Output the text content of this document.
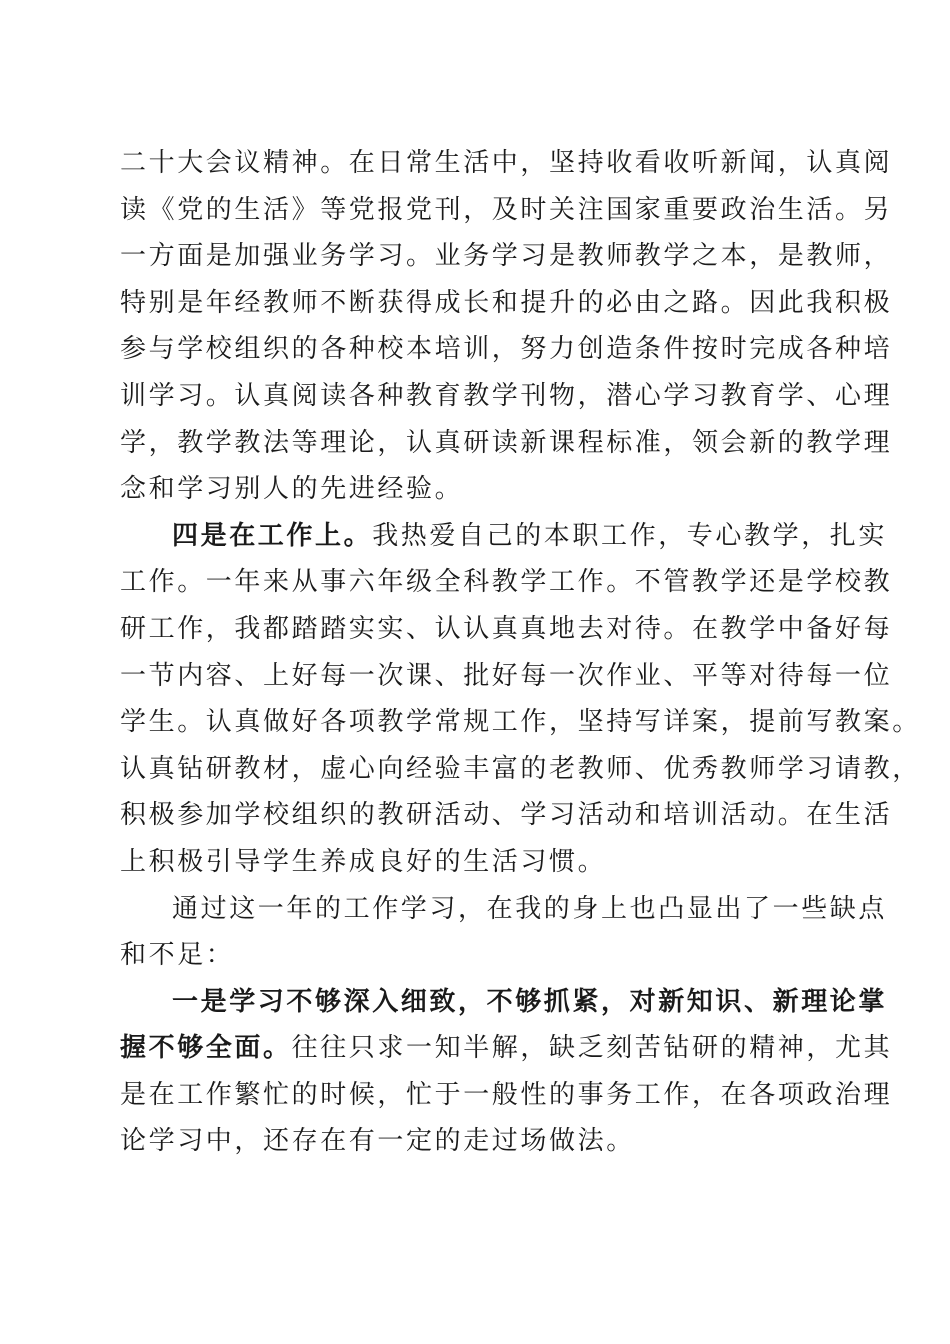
二十大会议精神。在日常生活中，坚持收看收听新闻，认真阅
读《党的生活》等党报党刊，及时关注国家重要政治生活。另
一方面是加强业务学习。业务学习是教师教学之本，是教师，
特别是年经教师不断获得成长和提升的必由之路。因此我积极
参与学校组织的各种校本培训，努力创造条件按时完成各种培
训学习。认真阅读各种教育教学刊物，潜心学习教育学、心理
学，教学教法等理论，认真研读新课程标准，领会新的教学理
念和学习别人的先进经验。
四是在工作上。我热爱自己的本职工作，专心教学，扎实
工作。一年来从事六年级全科教学工作。不管教学还是学校教
研工作，我都踏踏实实、认认真真地去对待。在教学中备好每
一节内容、上好每一次课、批好每一次作业、平等对待每一位
学生。认真做好各项教学常规工作，坚持写详案，提前写教案。
认真钻研教材，虚心向经验丰富的老教师、优秀教师学习请教，
积极参加学校组织的教研活动、学习活动和培训活动。在生活
上积极引导学生养成良好的生活习惯。
通过这一年的工作学习，在我的身上也凸显出了一些缺点
和不足：
一是学习不够深入细致，不够抓紧，对新知识、新理论掌
握不够全面。往往只求一知半解，缺乏刻苦钻研的精神，尤其
是在工作繁忙的时候，忙于一般性的事务工作，在各项政治理
论学习中，还存在有一定的走过场做法。
